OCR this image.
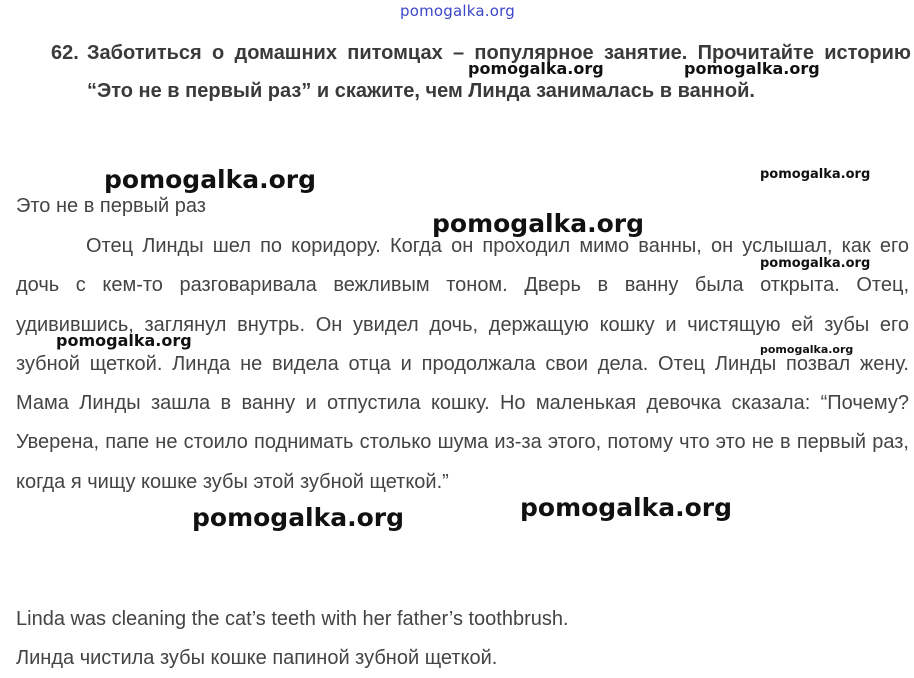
pomogalka.org
62. Заботиться о домашних питомцах – популярное занятие. Прочитайте историю “Это не в первый раз” и скажите, чем Линда занималась в ванной.
Это не в первый раз

Отец Линды шел по коридору. Когда он проходил мимо ванны, он услышал, как его дочь с кем-то разговаривала вежливым тоном. Дверь в ванну была открыта. Отец, удивившись, заглянул внутрь. Он увидел дочь, держащую кошку и чистящую ей зубы его зубной щеткой. Линда не видела отца и продолжала свои дела. Отец Линды позвал жену. Мама Линды зашла в ванну и отпустила кошку. Но маленькая девочка сказала: “Почему? Уверена, папе не стоило поднимать столько шума из-за этого, потому что это не в первый раз, когда я чищу кошке зубы этой зубной щеткой.”

Linda was cleaning the cat’s teeth with her father’s toothbrush.
Линда чистила зубы кошке папиной зубной щеткой.
pomogalka.org	pomogalka.org
pomogalka.org	pomogalka.org
pomogalka.org
pomogalka.org
pomogalka.org	pomogalka.org
pomogalka.org	pomogalka.org
